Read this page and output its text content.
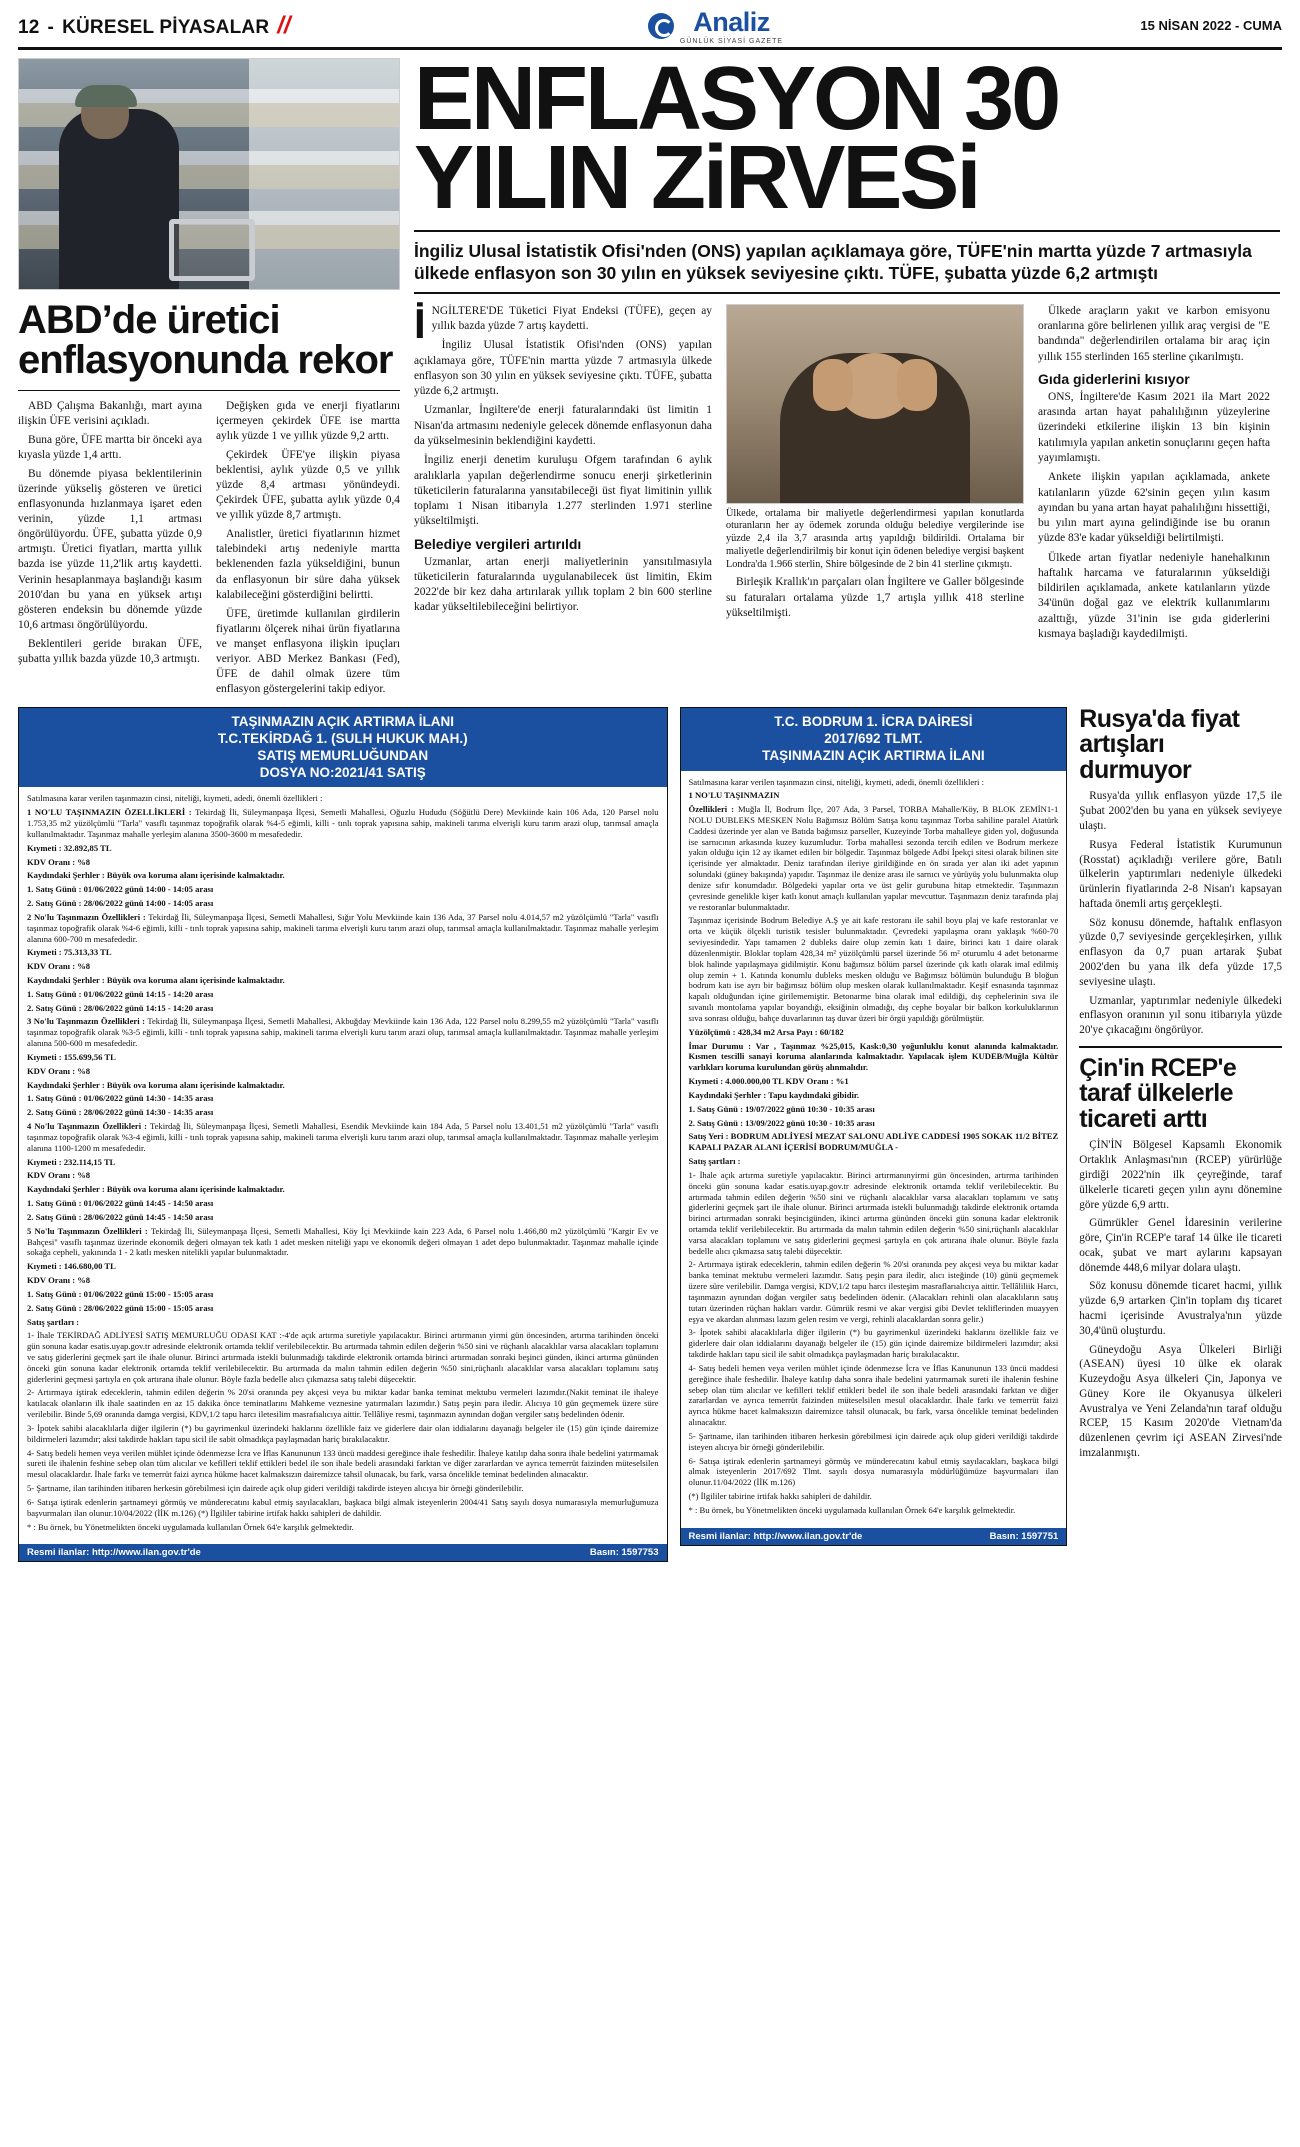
12 - KÜRESEL PİYASALAR //	Analiz
GÜNLÜK SİYASİ GAZETE
15 NİSAN 2022 - CUMA
ABD’de üretici enflasyonunda rekor

ABD Çalışma Bakanlığı, mart ayına ilişkin ÜFE verisini açıkladı.

Buna göre, ÜFE martta bir önceki aya kıyasla yüzde 1,4 arttı.

Bu dönemde piyasa beklentilerinin üzerinde yükseliş gösteren ve üretici enflasyonunda hızlanmaya işaret eden verinin, yüzde 1,1 artması öngörülüyordu. ÜFE, şubatta yüzde 0,9 artmıştı. Üretici fiyatları, martta yıllık bazda ise yüzde 11,2'lik artış kaydetti. Verinin hesaplanmaya başlandığı kasım 2010'dan bu yana en yüksek artışı gösteren endeksin bu dönemde yüzde 10,6 artması öngörülüyordu.

Beklentileri geride bırakan ÜFE, şubatta yıllık bazda yüzde 10,3 artmıştı.

Değişken gıda ve enerji fiyatlarını içermeyen çekirdek ÜFE ise martta aylık yüzde 1 ve yıllık yüzde 9,2 arttı.

Çekirdek ÜFE'ye ilişkin piyasa beklentisi, aylık yüzde 0,5 ve yıllık yüzde 8,4 artması yönündeydi. Çekirdek ÜFE, şubatta aylık yüzde 0,4 ve yıllık yüzde 8,7 artmıştı.

Analistler, üretici fiyatlarının hizmet talebindeki artış nedeniyle martta beklenenden fazla yükseldiğini, bunun da enflasyonun bir süre daha yüksek kalabileceğini gösterdiğini belirtti.

ÜFE, üretimde kullanılan girdilerin fiyatlarını ölçerek nihai ürün fiyatlarına ve manşet enflasyona ilişkin ipuçları veriyor. ABD Merkez Bankası (Fed), ÜFE de dahil olmak üzere tüm enflasyon göstergelerini takip ediyor.

ENFLASYON 30
YILIN ZiRVESi
İngiliz Ulusal İstatistik Ofisi'nden (ONS) yapılan açıklamaya göre, TÜFE'nin martta yüzde 7 artmasıyla ülkede enflasyon son 30 yılın en yüksek seviyesine çıktı. TÜFE, şubatta yüzde 6,2 artmıştı
İ NGİLTERE'DE Tüketici Fiyat Endeksi (TÜFE), geçen ay yıllık bazda yüzde 7 artış kaydetti.

İngiliz Ulusal İstatistik Ofisi'nden (ONS) yapılan açıklamaya göre, TÜFE'nin martta yüzde 7 artmasıyla ülkede enflasyon son 30 yılın en yüksek seviyesine çıktı. TÜFE, şubatta yüzde 6,2 artmıştı.

Uzmanlar, İngiltere'de enerji faturalarındaki üst limitin 1 Nisan'da artmasını nedeniyle gelecek dönemde enflasyonun daha da yükselmesinin beklendiğini kaydetti.

İngiliz enerji denetim kuruluşu Ofgem tarafından 6 aylık aralıklarla yapılan değerlendirme sonucu enerji şirketlerinin tüketicilerin faturalarına yansıtabileceği üst fiyat limitinin yıllık toplamı 1 Nisan itibarıyla 1.277 sterlinden 1.971 sterline yükseltilmişti.

Belediye vergileri artırıldı

Uzmanlar, artan enerji maliyetlerinin yansıtılmasıyla tüketicilerin faturalarında uygulanabilecek üst limitin, Ekim 2022'de bir kez daha artırılarak yıllık toplam 2 bin 600 sterline kadar yükseltilebileceğini belirtiyor.

Ülkede, ortalama bir maliyetle değerlendirmesi yapılan konutlarda oturanların her ay ödemek zorunda olduğu belediye vergilerinde ise yüzde 2,4 ila 3,7 arasında artış yapıldığı bildirildi. Ortalama bir maliyetle değerlendirilmiş bir konut için ödenen belediye vergisi başkent Londra'da 1.966 sterlin, Shire bölgesinde de 2 bin 41 sterline çıkmıştı.

Birleşik Krallık'ın parçaları olan İngiltere ve Galler bölgesinde su faturaları ortalama yüzde 1,7 artışla yıllık 418 sterline yükseltilmişti.

Ülkede araçların yakıt ve karbon emisyonu oranlarına göre belirlenen yıllık araç vergisi de "E bandında" değerlendirilen ortalama bir araç için yıllık 155 sterlinden 165 sterline çıkarılmıştı.

Gıda giderlerini kısıyor

ONS, İngiltere'de Kasım 2021 ila Mart 2022 arasında artan hayat pahalılığının yüzeylerine üzerindeki etkilerine ilişkin 13 bin kişinin katılımıyla yapılan anketin sonuçlarını geçen hafta yayımlamıştı.

Ankete ilişkin yapılan açıklamada, ankete katılanların yüzde 62'sinin geçen yılın kasım ayından bu yana artan hayat pahalılığını hissettiği, bu yılın mart ayına gelindiğinde ise bu oranın yüzde 83'e kadar yükseldiği belirtilmişti.

Ülkede artan fiyatlar nedeniyle hanehalkının haftalık harcama ve faturalarının yükseldiği bildirilen açıklamada, ankete katılanların yüzde 34'ünün doğal gaz ve elektrik kullanımlarını azalttığı, yüzde 31'inin ise gıda giderlerini kısmaya başladığı kaydedilmişti.

TAŞINMAZIN AÇIK ARTIRMA İLANI
T.C.TEKİRDAĞ 1. (SULH HUKUK MAH.)
SATIŞ MEMURLUĞUNDAN
DOSYA NO:2021/41 SATIŞ

Satılmasına karar verilen taşınmazın cinsi, niteliği, kıymeti, adedi, önemli özellikleri :

1 NO'LU TAŞINMAZIN ÖZELLİKLERİ : Tekirdağ İli, Süleymanpaşa İlçesi, Semetli Mahallesi, Oğuzlu Hududu (Söğütlü Dere) Mevkiinde kain 106 Ada, 120 Parsel nolu 1.753,35 m2 yüzölçümlü "Tarla" vasıflı taşınmaz topoğrafik olarak %4-5 eğimli, killi - tınlı toprak yapısına sahip, makineli tarıma elverişli kuru tarım arazi olup, tarımsal amaçla kullanılmaktadır. Taşınmaz mahalle yerleşim alanına 3500-3600 m mesafededir.

Kıymeti : 32.892,85 TL

KDV Oranı : %8

Kaydındaki Şerhler : Büyük ova koruma alanı içerisinde kalmaktadır.

1. Satış Günü : 01/06/2022 günü 14:00 - 14:05 arası

2. Satış Günü : 28/06/2022 günü 14:00 - 14:05 arası

2 No'lu Taşınmazın Özellikleri : Tekirdağ İli, Süleymanpaşa İlçesi, Semetli Mahallesi, Sığır Yolu Mevkiinde kain 136 Ada, 37 Parsel nolu 4.014,57 m2 yüzölçümlü "Tarla" vasıflı taşınmaz topoğrafik olarak %4-6 eğimli, killi - tınlı toprak yapısına sahip, makineli tarıma elverişli kuru tarım arazi olup, tarımsal amaçla kullanılmaktadır. Taşınmaz mahalle yerleşim alanına 600-700 m mesafededir.

Kıymeti : 75.313,33 TL

KDV Oranı : %8

Kaydındaki Şerhler : Büyük ova koruma alanı içerisinde kalmaktadır.

1. Satış Günü : 01/06/2022 günü 14:15 - 14:20 arası

2. Satış Günü : 28/06/2022 günü 14:15 - 14:20 arası

3 No'lu Taşınmazın Özellikleri : Tekirdağ İli, Süleymanpaşa İlçesi, Semetli Mahallesi, Akbuğday Mevkiinde kain 136 Ada, 122 Parsel nolu 8.299,55 m2 yüzölçümlü "Tarla" vasıflı taşınmaz topoğrafik olarak %3-5 eğimli, killi - tınlı toprak yapısına sahip, makineli tarıma elverişli kuru tarım arazi olup, tarımsal amaçla kullanılmaktadır. Taşınmaz mahalle yerleşim alanına 500-600 m mesafededir.

Kıymeti : 155.699,56 TL

KDV Oranı : %8

Kaydındaki Şerhler : Büyük ova koruma alanı içerisinde kalmaktadır.

1. Satış Günü : 01/06/2022 günü 14:30 - 14:35 arası

2. Satış Günü : 28/06/2022 günü 14:30 - 14:35 arası

4 No'lu Taşınmazın Özellikleri : Tekirdağ İli, Süleymanpaşa İlçesi, Semetli Mahallesi, Esendik Mevkiinde kain 184 Ada, 5 Parsel nolu 13.401,51 m2 yüzölçümlü "Tarla" vasıflı taşınmaz topoğrafik olarak %3-4 eğimli, killi - tınlı toprak yapısına sahip, makineli tarıma elverişli kuru tarım arazi olup, tarımsal amaçla kullanılmaktadır. Taşınmaz mahalle yerleşim alanına 1100-1200 m mesafededir.

Kıymeti : 232.114,15 TL

KDV Oranı : %8

Kaydındaki Şerhler : Büyük ova koruma alanı içerisinde kalmaktadır.

1. Satış Günü : 01/06/2022 günü 14:45 - 14:50 arası

2. Satış Günü : 28/06/2022 günü 14:45 - 14:50 arası

5 No'lu Taşınmazın Özellikleri : Tekirdağ İli, Süleymanpaşa İlçesi, Semetli Mahallesi, Köy İçi Mevkiinde kain 223 Ada, 6 Parsel nolu 1.466,80 m2 yüzölçümlü "Kargir Ev ve Bahçesi" vasıflı taşınmaz üzerinde ekonomik değeri olmayan tek katlı 1 adet mesken niteliği yapı ve ekonomik değeri olmayan 1 adet depo bulunmaktadır. Taşınmaz mahalle içinde sokağa cepheli, yakınında 1 - 2 katlı mesken nitelikli yapılar bulunmaktadır.

Kıymeti : 146.680,00 TL

KDV Oranı : %8

1. Satış Günü : 01/06/2022 günü 15:00 - 15:05 arası

2. Satış Günü : 28/06/2022 günü 15:00 - 15:05 arası

Satış şartları :

1- İhale TEKİRDAĞ ADLİYESİ SATIŞ MEMURLUĞU ODASI KAT :-4'de açık artırma suretiyle yapılacaktır. Birinci artırmanın yirmi gün öncesinden, artırma tarihinden önceki gün sonuna kadar esatis.uyap.gov.tr adresinde elektronik ortamda teklif verilebilecektir. Bu artırmada tahmin edilen değerin %50 sini ve rüçhanlı alacaklılar varsa alacakları toplamını ve satış giderlerini geçmek şart ile ihale olunur. Birinci artırmada istekli bulunmadığı takdirde elektronik ortamda birinci artırmadan sonraki beşinci günden, ikinci artırma gününden önceki gün sonuna kadar elektronik ortamda teklif verilebilecektir. Bu artırmada da malın tahmin edilen değerin %50 sini,rüçhanlı alacaklılar varsa alacakları toplamını satış giderlerini geçmesi şartıyla en çok artırana ihale olunur. Böyle fazla bedelle alıcı çıkmazsa satış talebi düşecektir.

2- Artırmaya iştirak edeceklerin, tahmin edilen değerin % 20'si oranında pey akçesi veya bu miktar kadar banka teminat mektubu vermeleri lazımdır.(Nakit teminat ile ihaleye katılacak olanların ilk ihale saatinden en az 15 dakika önce teminatlarını Mahkeme veznesine yatırmaları lazımdır.) Satış peşin para iledir. Alıcıya 10 gün geçmemek üzere süre verilebilir. Binde 5,69 oranında damga vergisi, KDV,1/2 tapu harcı iletesilim masrafıalıcıya aittir. Tellâliye resmi, taşınmazın aynından doğan vergiler satış bedelinden ödenir.

3- İpotek sahibi alacaklılarla diğer ilgilerin (*) bu gayrimenkul üzerindeki haklarını özellikle faiz ve giderlere dair olan iddialarını dayanağı belgeler ile (15) gün içinde dairemize bildirmeleri lazımdır; aksi takdirde hakları tapu sicil ile sabit olmadıkça paylaşmadan hariç bırakılacaktır.

4- Satış bedeli hemen veya verilen mühlet içinde ödenmezse İcra ve İflas Kanununun 133 üncü maddesi gereğince ihale feshedilir. İhaleye katılıp daha sonra ihale bedelini yatırmamak sureti ile ihalenin feshine sebep olan tüm alıcılar ve kefilleri teklif ettikleri bedel ile son ihale bedeli arasındaki farktan ve diğer zararlardan ve ayrıca temerrüt faizinden müteselsilen mesul olacaklardır. İhale farkı ve temerrüt faizi ayrıca hükme hacet kalmaksızın dairemizce tahsil olunacak, bu fark, varsa öncelikle teminat bedelinden alınacaktır.

5- Şartname, ilan tarihinden itibaren herkesin görebilmesi için dairede açık olup gideri verildiği takdirde isteyen alıcıya bir örneği gönderilebilir.

6- Satışa iştirak edenlerin şartnameyi görmüş ve münderecatını kabul etmiş sayılacakları, başkaca bilgi almak isteyenlerin 2004/41 Satış sayılı dosya numarasıyla memurluğumuza başvurmaları ilan olunur.10/04/2022 (İİK m.126) (*) İlgililer tabirine irtifak hakkı sahipleri de dahildir.

* : Bu örnek, bu Yönetmelikten önceki uygulamada kullanılan Örnek 64'e karşılık gelmektedir.

Resmi ilanlar: http://www.ilan.gov.tr'de	Basın: 1597753
T.C. BODRUM 1. İCRA DAİRESİ
2017/692 TLMT.
TAŞINMAZIN AÇIK ARTIRMA İLANI

Satılmasına karar verilen taşınmazın cinsi, niteliği, kıymeti, adedi, önemli özellikleri :

1 NO'LU TAŞINMAZIN

Özellikleri : Muğla İl, Bodrum İlçe, 207 Ada, 3 Parsel, TORBA Mahalle/Köy, B BLOK ZEMİN1-1 NOLU DUBLEKS MESKEN Nolu Bağımsız Bölüm Satışa konu taşınmaz Torba sahiline paralel Atatürk Caddesi üzerinde yer alan ve Batıda bağımsız parseller, Kuzeyinde Torba mahalleye giden yol, doğusunda ise sarnıcının arkasında kuzey kuzumludur. Torba mahallesi sezonda tercih edilen ve Bodrum merkeze yakın olduğu için 12 ay ikamet edilen bir bölgedir. Taşınmaz bölgede Adbi İpekçi sitesi olarak bilinen site içerisinde yer almaktadır. Deniz tarafından ileriye girildiğinde en ön sırada yer alan iki adet yapının solundaki (güney bakışında) yapıdır. Taşınmaz ile denize arası ile sarnıcı ve yürüyüş yolu bulunmakta olup denize sıfır konumdadır. Bölgedeki yapılar orta ve üst gelir gurubuna hitap etmektedir. Taşınmazın çevresinde genelikle kişer katlı konut amaçlı kullanılan yapılar mevcuttur. Taşınmazın deniz tarafında plaj ve restoranlar bulunmaktadır.

Taşınmaz içerisinde Bodrum Belediye A.Ş ye ait kafe restoranı ile sahil boyu plaj ve kafe restoranlar ve orta ve küçük ölçekli turistik tesisler bulunmaktadır. Çevredeki yapılaşma oranı yaklaşık %60-70 seviyesindedir. Yapı tamamen 2 dubleks daire olup zemin katı 1 daire, birinci katı 1 daire olarak düzenlenmiştir. Bloklar toplam 428,34 m² yüzölçümlü parsel üzerinde 56 m² oturumlu 4 adet betonarme blok halinde yapılaşmaya gidilmiştir. Konu bağımsız bölüm parsel üzerinde çık katlı olarak imal edilmiş olup zemin + 1. Katında konumlu dubleks mesken olduğu ve Bağımsız bölümün bulunduğu B bloğun bodrum katı ise ayrı bir bağımsız bölüm olup mesken olarak kullanılmaktadır. Keşif esnasında taşınmaz kapalı olduğundan içine girilememiştir. Betonarme bina olarak imal edildiği, dış cephelerinin sıva ile sıvanılı montolama yapılar boyandığı, eksiğinin olmadığı, dış cephe boyalar bir balkon korkuluklarının sıva sonrası olduğu, bahçe duvarlarının taş duvar üzeri bir örgü yapıldığı görülmüştür.

Yüzölçümü : 428,34 m2 Arsa Payı : 60/182

İmar Durumu : Var , Taşınmaz %25,015, Kask:0,30 yoğunluklu konut alanında kalmaktadır. Kısmen tescilli sanayi koruma alanlarında kalmaktadır. Yapılacak işlem KUDEB/Muğla Kültür varlıkları koruma kurulundan görüş alınmalıdır.

Kıymeti : 4.000.000,00 TL KDV Oranı : %1

Kaydındaki Şerhler : Tapu kaydındaki gibidir.

1. Satış Günü : 19/07/2022 günü 10:30 - 10:35 arası

2. Satış Günü : 13/09/2022 günü 10:30 - 10:35 arası

Satış Yeri : BODRUM ADLİYESİ MEZAT SALONU ADLİYE CADDESİ 1905 SOKAK 11/2 BİTEZ KAPALI PAZAR ALANI İÇERİSİ BODRUM/MUĞLA -

Satış şartları :

1- İhale açık artırma suretiyle yapılacaktır. Birinci artırmanınyirmi gün öncesinden, artırma tarihinden önceki gün sonuna kadar esatis.uyap.gov.tr adresinde elektronik ortamda teklif verilebilecektir. Bu artırmada tahmin edilen değerin %50 sini ve rüçhanlı alacaklılar varsa alacakları toplamını ve satış giderlerini geçmek şart ile ihale olunur. Birinci artırmada istekli bulunmadığı takdirde elektronik ortamda birinci artırmadan sonraki beşincigünden, ikinci artırma gününden önceki gün sonuna kadar elektronik ortamda teklif verilebilecektir. Bu artırmada da malın tahmin edilen değerin %50 sini,rüçhanlı alacaklılar varsa alacakları toplamını ve satış giderlerini geçmesi şartıyla en çok artırana ihale olunur. Böyle fazla bedelle alıcı çıkmazsa satış talebi düşecektir.

2- Artırmaya iştirak edeceklerin, tahmin edilen değerin % 20'si oranında pey akçesi veya bu miktar kadar banka teminat mektubu vermeleri lazımdır. Satış peşin para iledir, alıcı isteğinde (10) günü geçmemek üzere süre verilebilir. Damga vergisi, KDV,1/2 tapu harcı ilesteşim masraflarıalıcıya aittir. Tellâliliik Harcı, taşınmazın aynından doğan vergiler satış bedelinden ödenir. (Alacakları rehinli olan alacaklıların satış tutarı üzerinden rüçhan hakları vardır. Gümrük resmi ve akar vergisi gibi Devlet tekliflerinden muayyen eşya ve akardan alınması lazım gelen resim ve vergi, rehinli alacaklardan sonra gelir.)

3- İpotek sahibi alacaklılarla diğer ilgilerin (*) bu gayrimenkul üzerindeki haklarını özellikle faiz ve giderlere dair olan iddialarını dayanağı belgeler ile (15) gün içinde dairemize bildirmeleri lazımdır; aksi takdirde hakları tapu sicil ile sabit olmadıkça paylaşmadan hariç bırakılacaktır.

4- Satış bedeli hemen veya verilen mühlet içinde ödenmezse İcra ve İflas Kanununun 133 üncü maddesi gereğince ihale feshedilir. İhaleye katılıp daha sonra ihale bedelini yatırmamak sureti ile ihalenin feshine sebep olan tüm alıcılar ve kefilleri teklif ettikleri bedel ile son ihale bedeli arasındaki farktan ve diğer zararlardan ve ayrıca temerrüt faizinden müteselsilen mesul olacaklardır. İhale farkı ve temerrüt faizi ayrıca hükme hacet kalmaksızın dairemizce tahsil olunacak, bu fark, varsa öncelikle teminat bedelinden alınacaktır.

5- Şartname, ilan tarihinden itibaren herkesin görebilmesi için dairede açık olup gideri verildiği takdirde isteyen alıcıya bir örneği gönderilebilir.

6- Satışa iştirak edenlerin şartnameyi görmüş ve münderecatını kabul etmiş sayılacakları, başkaca bilgi almak isteyenlerin 2017/692 Tlmt. sayılı dosya numarasıyla müdürlüğümüze başvurmaları ilan olunur.11/04/2022 (İİK m.126)

(*) İlgililer tabirine irtifak hakkı sahipleri de dahildir.

* : Bu örnek, bu Yönetmelikten önceki uygulamada kullanılan Örnek 64'e karşılık gelmektedir.

Resmi ilanlar: http://www.ilan.gov.tr'de	Basın: 1597751
Rusya'da fiyat artışları durmuyor

Rusya'da yıllık enflasyon yüzde 17,5 ile Şubat 2002'den bu yana en yüksek seviyeye ulaştı.

Rusya Federal İstatistik Kurumunun (Rosstat) açıkladığı verilere göre, Batılı ülkelerin yaptırımları nedeniyle ülkedeki ürünlerin fiyatlarında 2-8 Nisan'ı kapsayan haftada önemli artış gerçekleşti.

Söz konusu dönemde, haftalık enflasyon yüzde 0,7 seviyesinde gerçekleşirken, yıllık enflasyon da 0,7 puan artarak Şubat 2002'den bu yana ilk defa yüzde 17,5 seviyesine ulaştı.

Uzmanlar, yaptırımlar nedeniyle ülkedeki enflasyon oranının yıl sonu itibarıyla yüzde 20'ye çıkacağını öngörüyor.

Çin'in RCEP'e taraf ülkelerle ticareti arttı

ÇİN'İN Bölgesel Kapsamlı Ekonomik Ortaklık Anlaşması'nın (RCEP) yürürlüğe girdiği 2022'nin ilk çeyreğinde, taraf ülkelerle ticareti geçen yılın aynı dönemine göre yüzde 6,9 arttı.

Gümrükler Genel İdaresinin verilerine göre, Çin'in RCEP'e taraf 14 ülke ile ticareti ocak, şubat ve mart aylarını kapsayan dönemde 448,6 milyar dolara ulaştı.

Söz konusu dönemde ticaret hacmi, yıllık yüzde 6,9 artarken Çin'in toplam dış ticaret hacmi içerisinde Avustralya'nın yüzde 30,4'ünü oluşturdu.

Güneydoğu Asya Ülkeleri Birliği (ASEAN) üyesi 10 ülke ek olarak Kuzeydoğu Asya ülkeleri Çin, Japonya ve Güney Kore ile Okyanusya ülkeleri Avustralya ve Yeni Zelanda'nın taraf olduğu RCEP, 15 Kasım 2020'de Vietnam'da düzenlenen çevrim içi ASEAN Zirvesi'nde imzalanmıştı.
